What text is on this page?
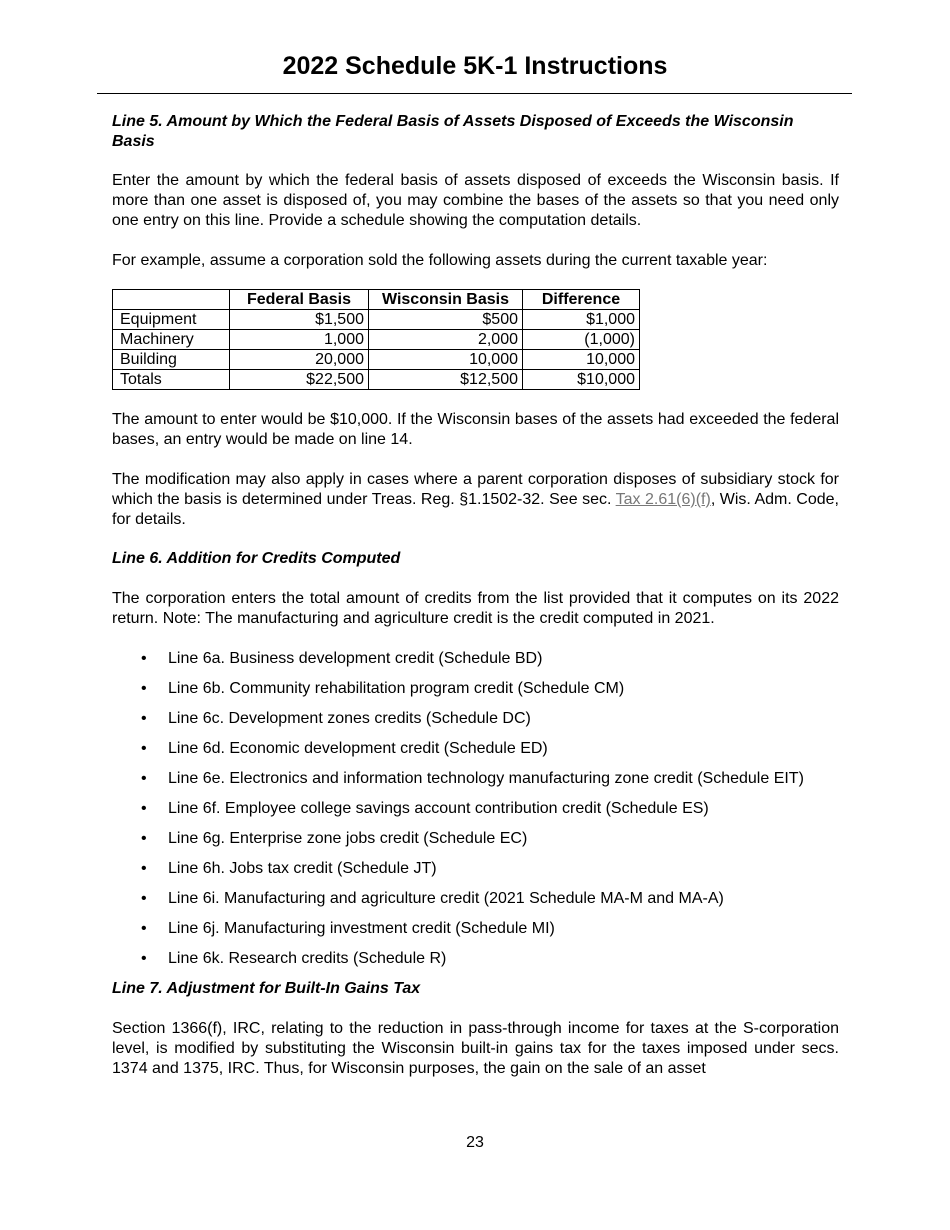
2022 Schedule 5K-1 Instructions

Line 5. Amount by Which the Federal Basis of Assets Disposed of Exceeds the Wisconsin Basis

Enter the amount by which the federal basis of assets disposed of exceeds the Wisconsin basis. If more than one asset is disposed of, you may combine the bases of the assets so that you need only one entry on this line. Provide a schedule showing the computation details.

For example, assume a corporation sold the following assets during the current taxable year:

	Federal Basis	Wisconsin Basis	Difference
Equipment	$1,500	$500	$1,000
Machinery	1,000	2,000	(1,000)
Building	20,000	10,000	10,000
Totals	$22,500	$12,500	$10,000

The amount to enter would be $10,000. If the Wisconsin bases of the assets had exceeded the federal bases, an entry would be made on line 14.

The modification may also apply in cases where a parent corporation disposes of subsidiary stock for which the basis is determined under Treas. Reg. §1.1502-32. See sec. Tax 2.61(6)(f), Wis. Adm. Code, for details.

Line 6. Addition for Credits Computed

The corporation enters the total amount of credits from the list provided that it computes on its 2022 return. Note: The manufacturing and agriculture credit is the credit computed in 2021.

• Line 6a. Business development credit (Schedule BD)
• Line 6b. Community rehabilitation program credit (Schedule CM)
• Line 6c. Development zones credits (Schedule DC)
• Line 6d. Economic development credit (Schedule ED)
• Line 6e. Electronics and information technology manufacturing zone credit (Schedule EIT)
• Line 6f. Employee college savings account contribution credit (Schedule ES)
• Line 6g. Enterprise zone jobs credit (Schedule EC)
• Line 6h. Jobs tax credit (Schedule JT)
• Line 6i. Manufacturing and agriculture credit (2021 Schedule MA-M and MA-A)
• Line 6j. Manufacturing investment credit (Schedule MI)
• Line 6k. Research credits (Schedule R)

Line 7. Adjustment for Built-In Gains Tax

Section 1366(f), IRC, relating to the reduction in pass-through income for taxes at the S-corporation level, is modified by substituting the Wisconsin built-in gains tax for the taxes imposed under secs. 1374 and 1375, IRC. Thus, for Wisconsin purposes, the gain on the sale of an asset

23
